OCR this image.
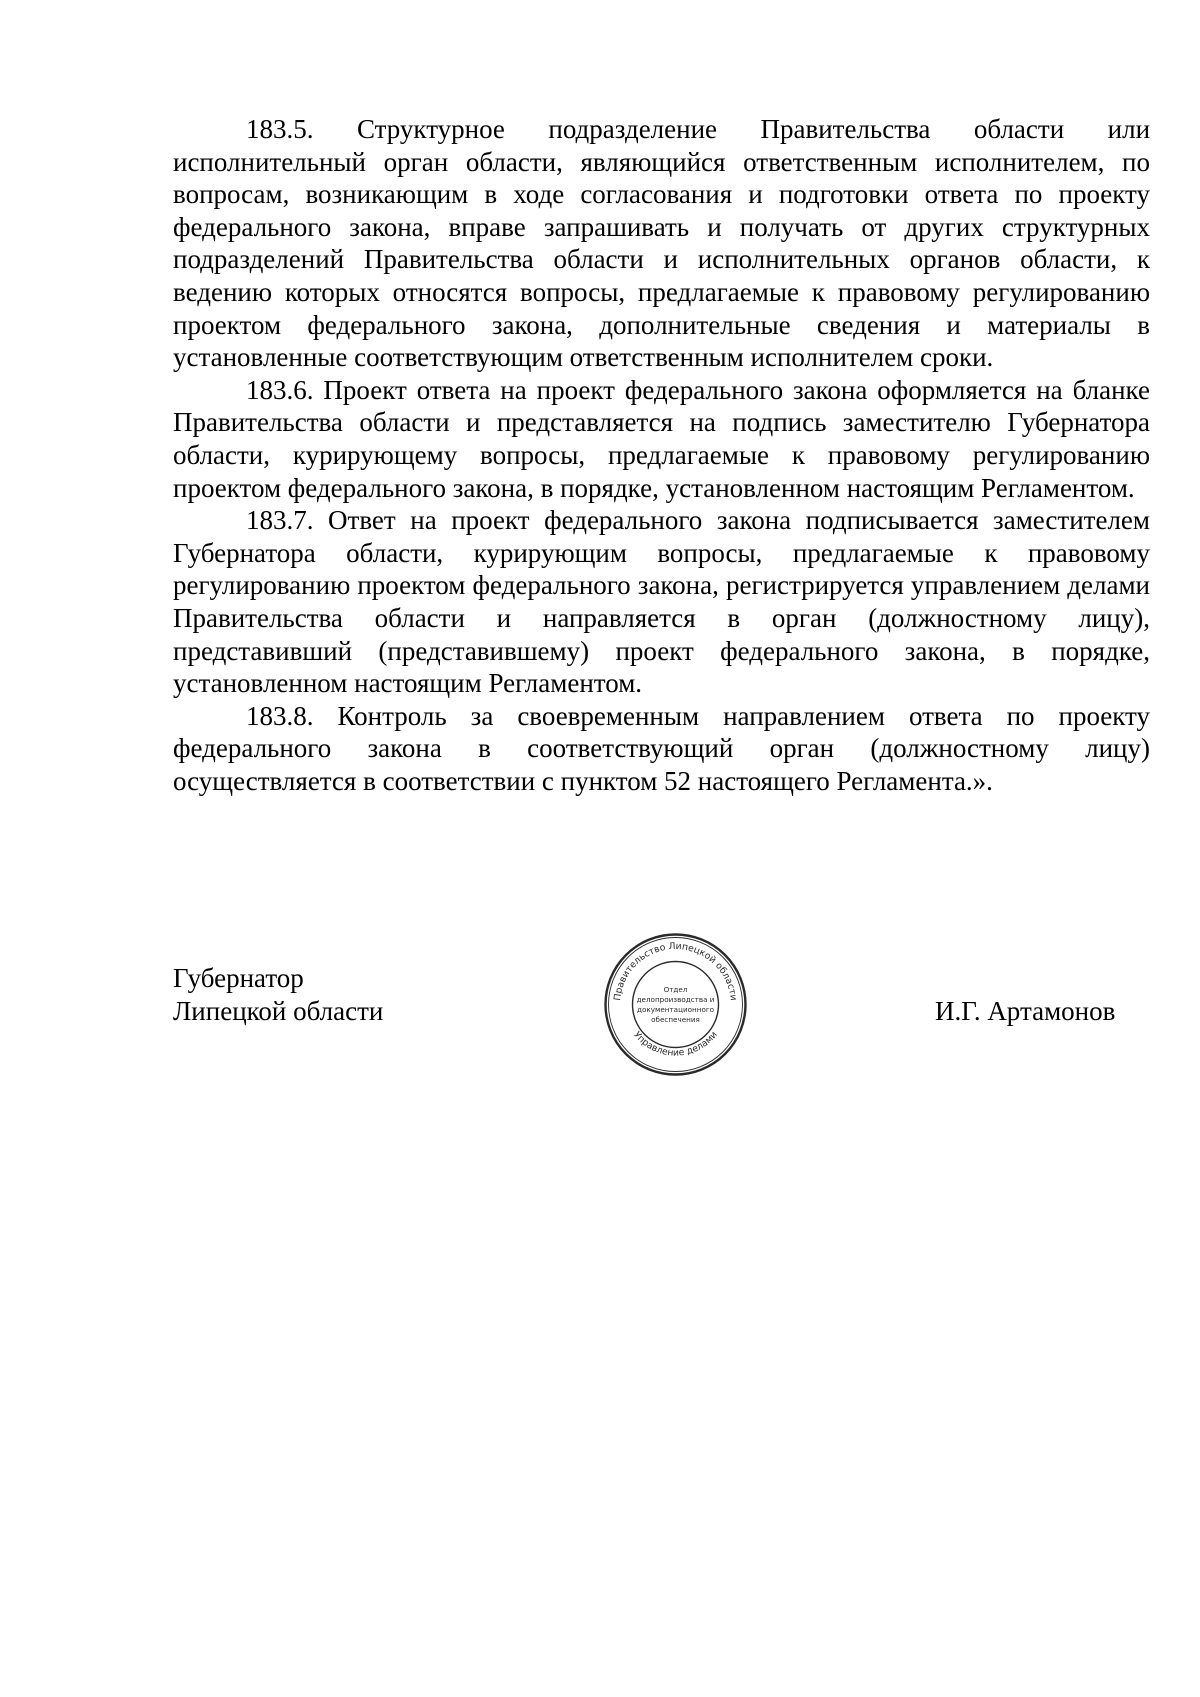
183.5. Структурное подразделение Правительства области или исполнительный орган области, являющийся ответственным исполнителем, по вопросам, возникающим в ходе согласования и подготовки ответа по проекту федерального закона, вправе запрашивать и получать от других структурных подразделений Правительства области и исполнительных органов области, к ведению которых относятся вопросы, предлагаемые к правовому регулированию проектом федерального закона, дополнительные сведения и материалы в установленные соответствующим ответственным исполнителем сроки.

183.6. Проект ответа на проект федерального закона оформляется на бланке Правительства области и представляется на подпись заместителю Губернатора области, курирующему вопросы, предлагаемые к правовому регулированию проектом федерального закона, в порядке, установленном настоящим Регламентом.

183.7. Ответ на проект федерального закона подписывается заместителем Губернатора области, курирующим вопросы, предлагаемые к правовому регулированию проектом федерального закона, регистрируется управлением делами Правительства области и направляется в орган (должностному лицу), представивший (представившему) проект федерального закона, в порядке, установленном настоящим Регламентом.

183.8. Контроль за своевременным направлением ответа по проекту федерального закона в соответствующий орган (должностному лицу) осуществляется в соответствии с пунктом 52 настоящего Регламента.».

Губернатор
Липецкой области	Правительство Липецкой области
Управление делами
Отдел
делопроизводства и
документационного
обеспечения	И.Г. Артамонов
